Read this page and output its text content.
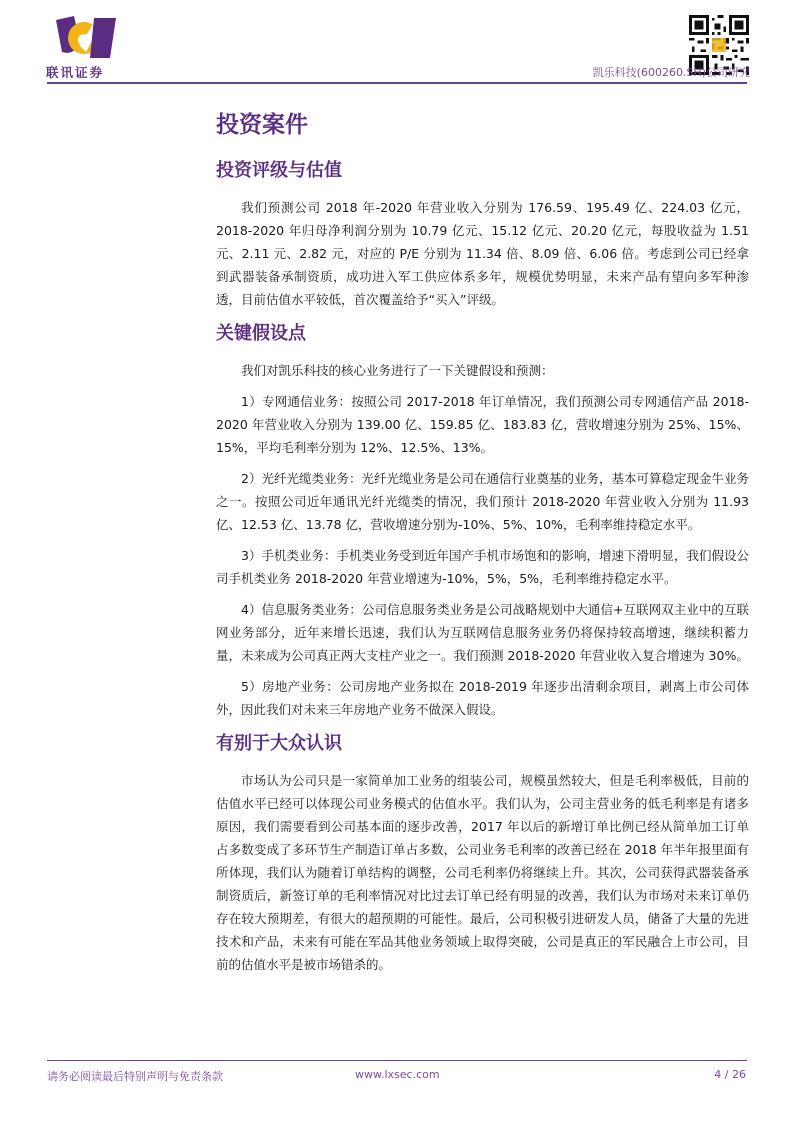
联讯证券	凯乐科技(600260.SH)公司研究
投资案件
投资评级与估值

我们预测公司 2018 年-2020 年营业收入分别为 176.59、195.49 亿、224.03 亿元，2018-2020 年归母净利润分别为 10.79 亿元、15.12 亿元、20.20 亿元，每股收益为 1.51 元、2.11 元、2.82 元，对应的 P/E 分别为 11.34 倍、8.09 倍、6.06 倍。考虑到公司已经拿到武器装备承制资质，成功进入军工供应体系多年，规模优势明显，未来产品有望向多军种渗透，目前估值水平较低，首次覆盖给予“买入”评级。

关键假设点

我们对凯乐科技的核心业务进行了一下关键假设和预测：

1）专网通信业务：按照公司 2017-2018 年订单情况，我们预测公司专网通信产品 2018-2020 年营业收入分别为 139.00 亿、159.85 亿、183.83 亿，营收增速分别为 25%、15%、15%，平均毛利率分别为 12%、12.5%、13%。

2）光纤光缆类业务：光纤光缆业务是公司在通信行业奠基的业务，基本可算稳定现金牛业务之一。按照公司近年通讯光纤光缆类的情况，我们预计 2018-2020 年营业收入分别为 11.93 亿、12.53 亿、13.78 亿，营收增速分别为-10%、5%、10%，毛利率维持稳定水平。

3）手机类业务：手机类业务受到近年国产手机市场饱和的影响，增速下滑明显，我们假设公司手机类业务 2018-2020 年营业增速为-10%，5%，5%，毛利率维持稳定水平。

4）信息服务类业务：公司信息服务类业务是公司战略规划中大通信+互联网双主业中的互联网业务部分，近年来增长迅速，我们认为互联网信息服务业务仍将保持较高增速，继续积蓄力量，未来成为公司真正两大支柱产业之一。我们预测 2018-2020 年营业收入复合增速为 30%。

5）房地产业务：公司房地产业务拟在 2018-2019 年逐步出清剩余项目，剥离上市公司体外，因此我们对未来三年房地产业务不做深入假设。

有别于大众认识

市场认为公司只是一家简单加工业务的组装公司，规模虽然较大，但是毛利率极低，目前的估值水平已经可以体现公司业务模式的估值水平。我们认为，公司主营业务的低毛利率是有诸多原因，我们需要看到公司基本面的逐步改善，2017 年以后的新增订单比例已经从简单加工订单占多数变成了多环节生产制造订单占多数，公司业务毛利率的改善已经在 2018 年半年报里面有所体现，我们认为随着订单结构的调整，公司毛利率仍将继续上升。其次，公司获得武器装备承制资质后，新签订单的毛利率情况对比过去订单已经有明显的改善，我们认为市场对未来订单仍存在较大预期差，有很大的超预期的可能性。最后，公司积极引进研发人员，储备了大量的先进技术和产品，未来有可能在军品其他业务领域上取得突破，公司是真正的军民融合上市公司，目前的估值水平是被市场错杀的。

请务必阅读最后特别声明与免责条款	www.lxsec.com	4 / 26
